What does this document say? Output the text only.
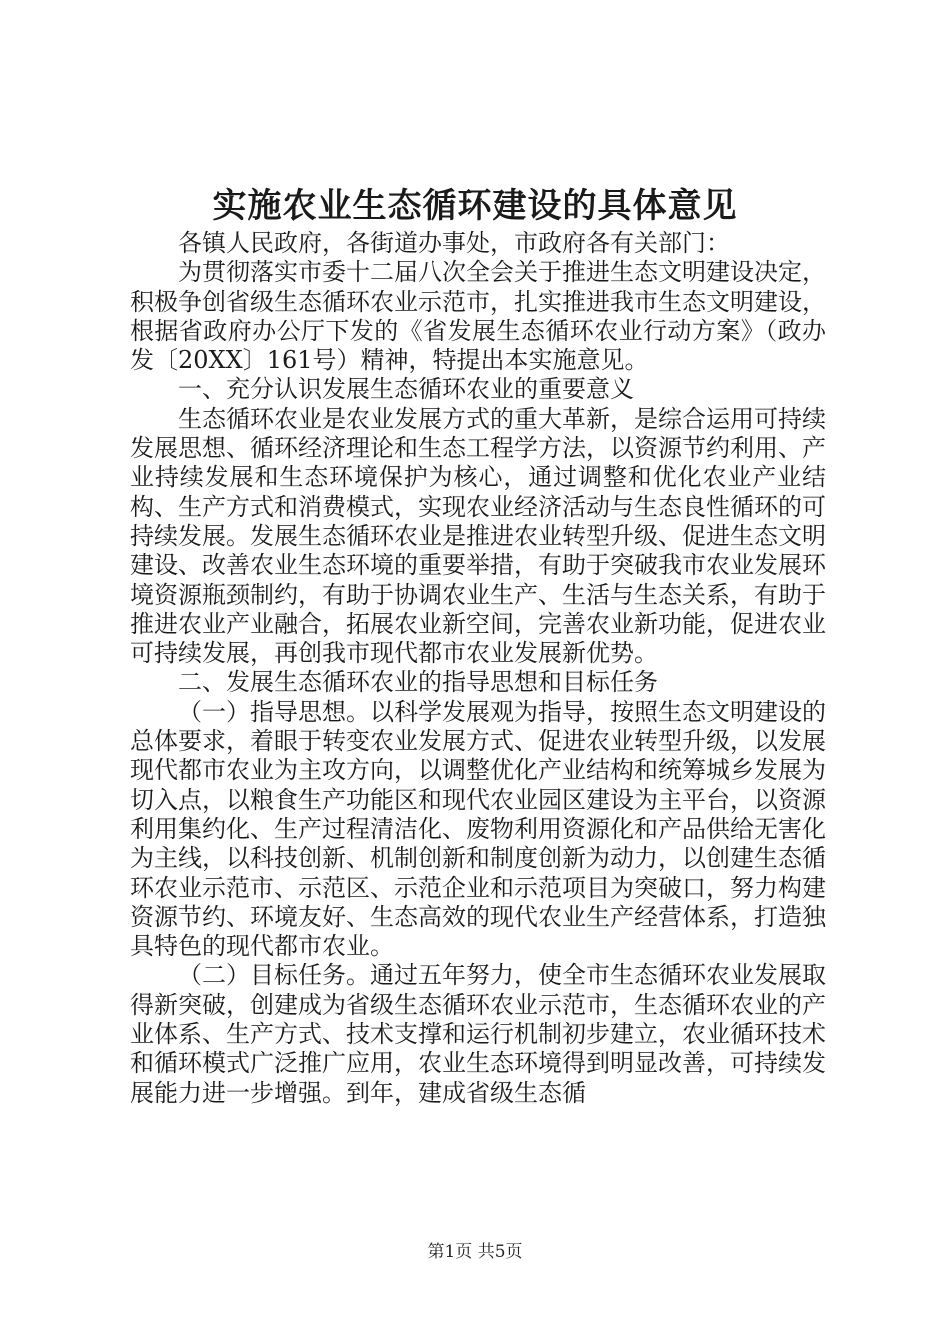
实施农业生态循环建设的具体意见

各镇人民政府，各街道办事处，市政府各有关部门：

为贯彻落实市委十二届八次全会关于推进生态文明建设决定，积极争创省级生态循环农业示范市，扎实推进我市生态文明建设，根据省政府办公厅下发的《省发展生态循环农业行动方案》（政办发〔20XX〕161号）精神，特提出本实施意见。

一、充分认识发展生态循环农业的重要意义

生态循环农业是农业发展方式的重大革新，是综合运用可持续发展思想、循环经济理论和生态工程学方法，以资源节约利用、产业持续发展和生态环境保护为核心，通过调整和优化农业产业结构、生产方式和消费模式，实现农业经济活动与生态良性循环的可持续发展。发展生态循环农业是推进农业转型升级、促进生态文明建设、改善农业生态环境的重要举措，有助于突破我市农业发展环境资源瓶颈制约，有助于协调农业生产、生活与生态关系，有助于推进农业产业融合，拓展农业新空间，完善农业新功能，促进农业可持续发展，再创我市现代都市农业发展新优势。

二、发展生态循环农业的指导思想和目标任务

（一）指导思想。以科学发展观为指导，按照生态文明建设的总体要求，着眼于转变农业发展方式、促进农业转型升级，以发展现代都市农业为主攻方向，以调整优化产业结构和统筹城乡发展为切入点，以粮食生产功能区和现代农业园区建设为主平台，以资源利用集约化、生产过程清洁化、废物利用资源化和产品供给无害化为主线，以科技创新、机制创新和制度创新为动力，以创建生态循环农业示范市、示范区、示范企业和示范项目为突破口，努力构建资源节约、环境友好、生态高效的现代农业生产经营体系，打造独具特色的现代都市农业。

（二）目标任务。通过五年努力，使全市生态循环农业发展取得新突破，创建成为省级生态循环农业示范市，生态循环农业的产业体系、生产方式、技术支撑和运行机制初步建立，农业循环技术和循环模式广泛推广应用，农业生态环境得到明显改善，可持续发展能力进一步增强。到年，建成省级生态循

第1页 共5页
